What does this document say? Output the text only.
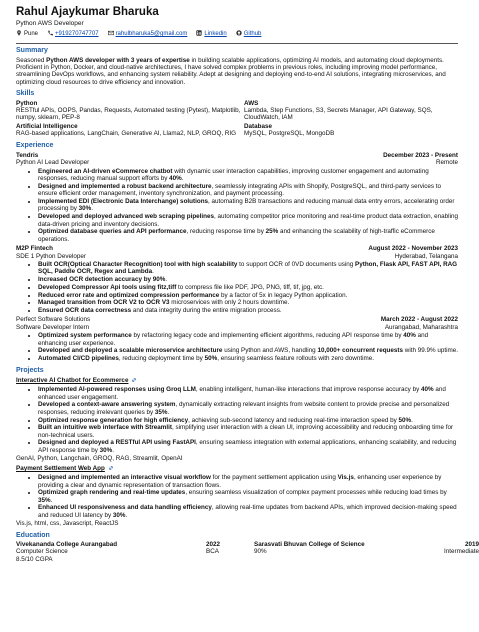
Rahul Ajaykumar Bharuka
Python AWS Developer
Pune	+919270747707	rahulbharuka5@gmail.com	Linkedin	Github
Summary
Seasoned Python AWS developer with 3 years of expertise in building scalable applications, optimizing AI models, and automating cloud deployments. Proficient in Python, Docker, and cloud-native architectures, I have solved complex problems in previous roles, including improving model performance, streamlining DevOps workflows, and enhancing system reliability. Adept at designing and deploying end-to-end AI solutions, integrating microservices, and optimizing cloud resources to drive efficiency and innovation.
Skills
Python
RESTful APIs, OOPS, Pandas, Requests, Automated testing (Pytest), Matplotlib, numpy, sklearn, PEP-8
AWS
Lambda, Step Functions, S3, Secrets Manager, API Gateway, SQS, CloudWatch, IAM
Artificial Intelligence
RAG-based applications, LangChain, Generative AI, Llama2, NLP, GROQ, RIG
Database
MySQL, PostgreSQL, MongoDB
Experience
Tendris	December 2023 - Present
Python AI Lead Developer	Remote
• Engineered an AI-driven eCommerce chatbot with dynamic user interaction capabilities, improving customer engagement and automating responses, reducing manual support efforts by 40%.
• Designed and implemented a robust backend architecture, seamlessly integrating APIs with Shopify, PostgreSQL, and third-party services to ensure efficient order management, inventory synchronization, and payment processing.
• Implemented EDI (Electronic Data Interchange) solutions, automating B2B transactions and reducing manual data entry errors, accelerating order processing by 30%.
• Developed and deployed advanced web scraping pipelines, automating competitor price monitoring and real-time product data extraction, enabling data-driven pricing and inventory decisions.
• Optimized database queries and API performance, reducing response time by 25% and enhancing the scalability of high-traffic eCommerce operations.
M2P Fintech	August 2022 - November 2023
SDE 1 Python Developer	Hyderabad, Telangana
• Built OCR(Optical Character Recognition) tool with high scalability to support OCR of 0VD documents using Python, Flask API, FAST API, RAG SQL, Paddle OCR, Regex and Lambda.
• Increased OCR detection accuracy by 90%.
• Developed Compressor Api tools using fitz,tiff to compress file like PDF, JPG, PNG, tiff, tif, jpg, etc.
• Reduced error rate and optimized compression performance by a factor of 5x in legacy Python application.
• Managed transition from OCR V2 to OCR V3 microservices with only 2 hours downtime.
• Ensured OCR data correctness and data integrity during the entire migration process.
Perfect Software Solutions	March 2022 - August 2022
Software Developer Intern	Aurangabad, Maharashtra
• Optimized system performance by refactoring legacy code and implementing efficient algorithms, reducing API response time by 40% and enhancing user experience.
• Developed and deployed a scalable microservice architecture using Python and AWS, handling 10,000+ concurrent requests with 99.9% uptime.
• Automated CI/CD pipelines, reducing deployment time by 50%, ensuring seamless feature rollouts with zero downtime.
Projects
Interactive AI Chatbot for Ecommerce
• Implemented AI-powered responses using Groq LLM, enabling intelligent, human-like interactions that improve response accuracy by 40% and enhanced user engagement.
• Developed a context-aware answering system, dynamically extracting relevant insights from website content to provide precise and personalized responses, reducing irrelevant queries by 35%.
• Optimized response generation for high efficiency, achieving sub-second latency and reducing real-time interaction speed by 50%.
• Built an intuitive web interface with Streamlit, simplifying user interaction with a clean UI, improving accessibility and reducing onboarding time for non-technical users.
• Designed and deployed a RESTful API using FastAPI, ensuring seamless integration with external applications, enhancing scalability, and reducing API response time by 30%.
GenAI, Python, Langchain, GROQ, RAG, Streamlit, OpenAI
Payment Settlement Web App
• Designed and implemented an interactive visual workflow for the payment settlement application using Vis.js, enhancing user experience by providing a clear and dynamic representation of transaction flows.
• Optimized graph rendering and real-time updates, ensuring seamless visualization of complex payment processes while reducing load times by 35%.
• Enhanced UI responsiveness and data handling efficiency, allowing real-time updates from backend APIs, which improved decision-making speed and reduced UI latency by 30%.
Vis.js, html, css, Javascript, ReactJS
Education
Vivekananda College Aurangabad	2022	Sarasvati Bhuvan College of Science	2019
Computer Science	BCA	90%	Intermediate
8.5/10 CGPA
